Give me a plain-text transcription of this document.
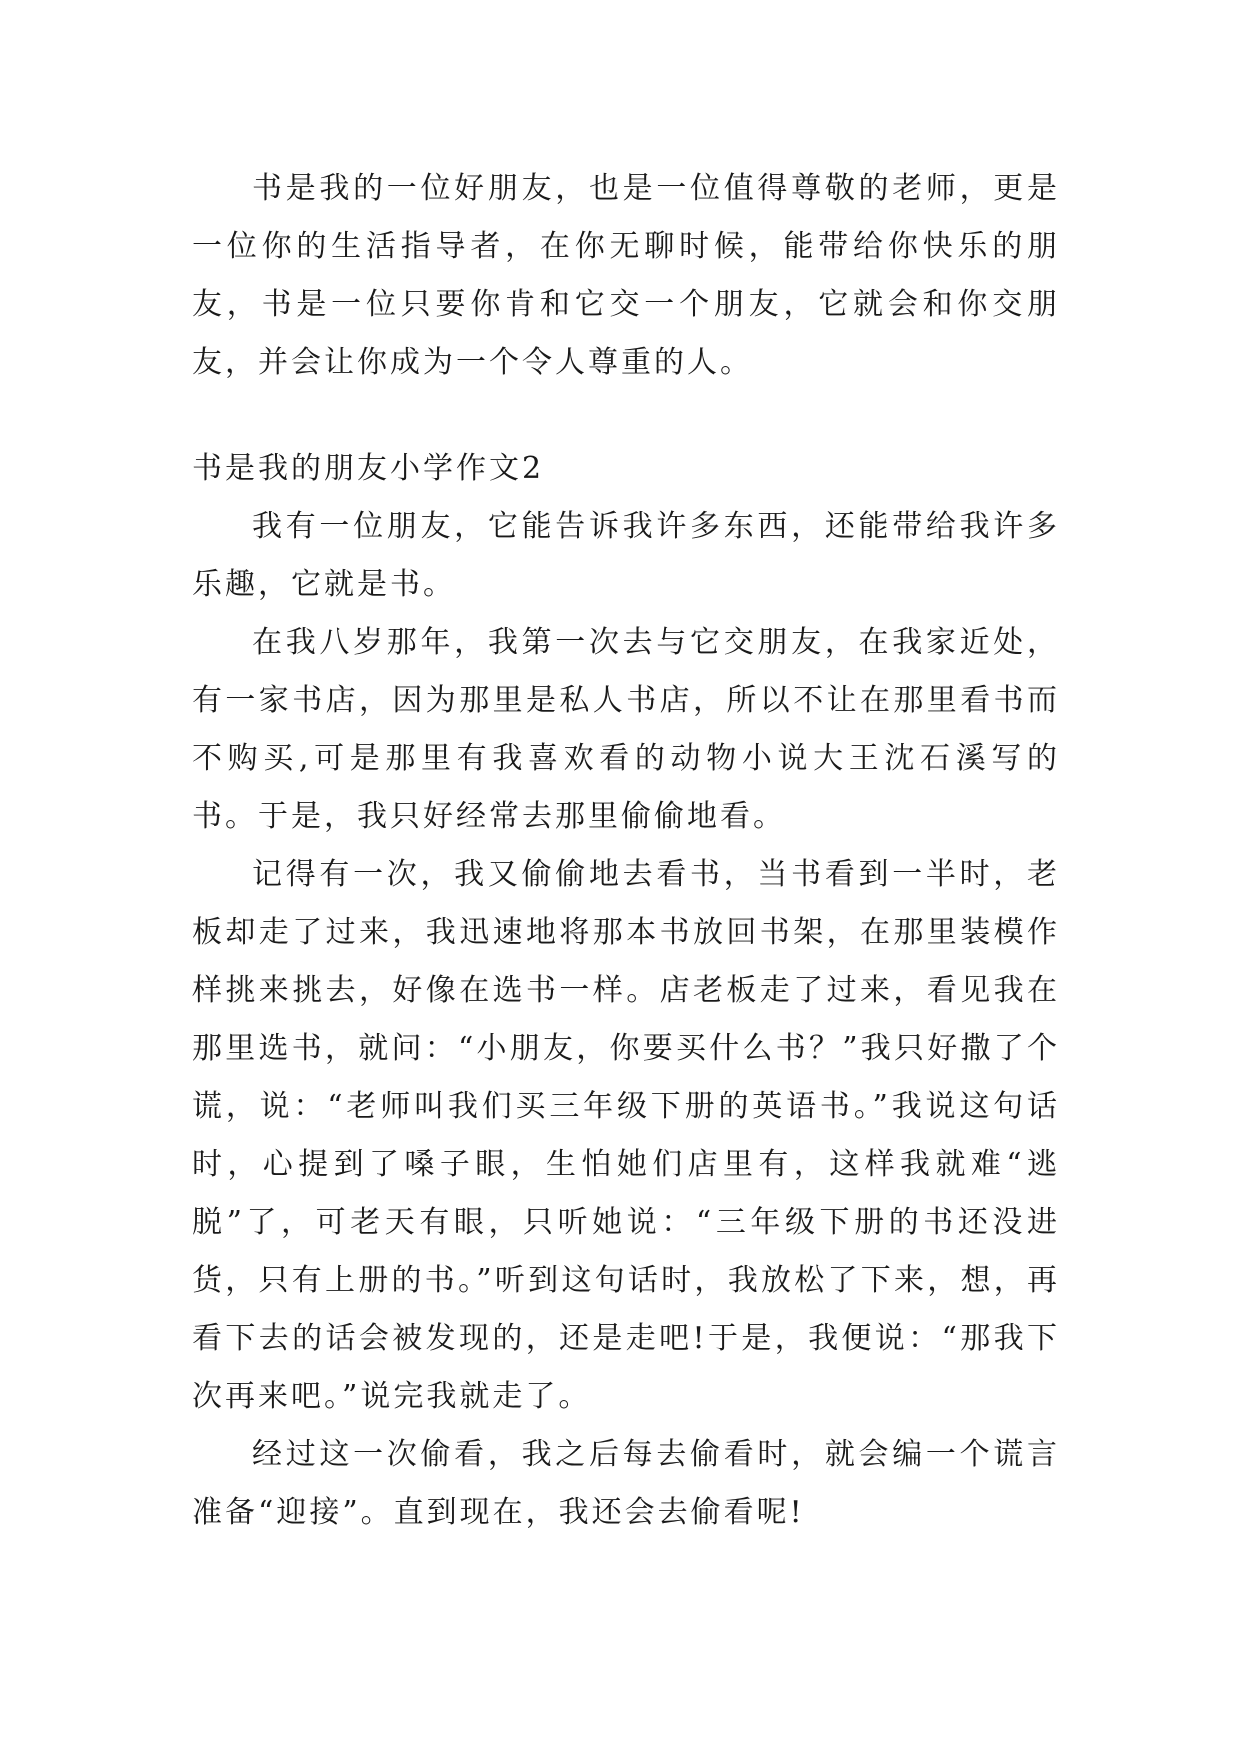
书是我的一位好朋友，也是一位值得尊敬的老师，更是一位你的生活指导者，在你无聊时候，能带给你快乐的朋友，书是一位只要你肯和它交一个朋友，它就会和你交朋友，并会让你成为一个令人尊重的人。

书是我的朋友小学作文2

我有一位朋友，它能告诉我许多东西，还能带给我许多乐趣，它就是书。

在我八岁那年，我第一次去与它交朋友，在我家近处，有一家书店，因为那里是私人书店，所以不让在那里看书而不购买,可是那里有我喜欢看的动物小说大王沈石溪写的书。于是，我只好经常去那里偷偷地看。

记得有一次，我又偷偷地去看书，当书看到一半时，老板却走了过来，我迅速地将那本书放回书架，在那里装模作样挑来挑去，好像在选书一样。店老板走了过来，看见我在那里选书，就问：“小朋友，你要买什么书？”我只好撒了个谎，说：“老师叫我们买三年级下册的英语书。”我说这句话时，心提到了嗓子眼，生怕她们店里有，这样我就难“逃脱”了，可老天有眼，只听她说：“三年级下册的书还没进货，只有上册的书。”听到这句话时，我放松了下来，想，再看下去的话会被发现的，还是走吧!于是，我便说：“那我下次再来吧。”说完我就走了。

经过这一次偷看，我之后每去偷看时，就会编一个谎言准备“迎接”。直到现在，我还会去偷看呢!
